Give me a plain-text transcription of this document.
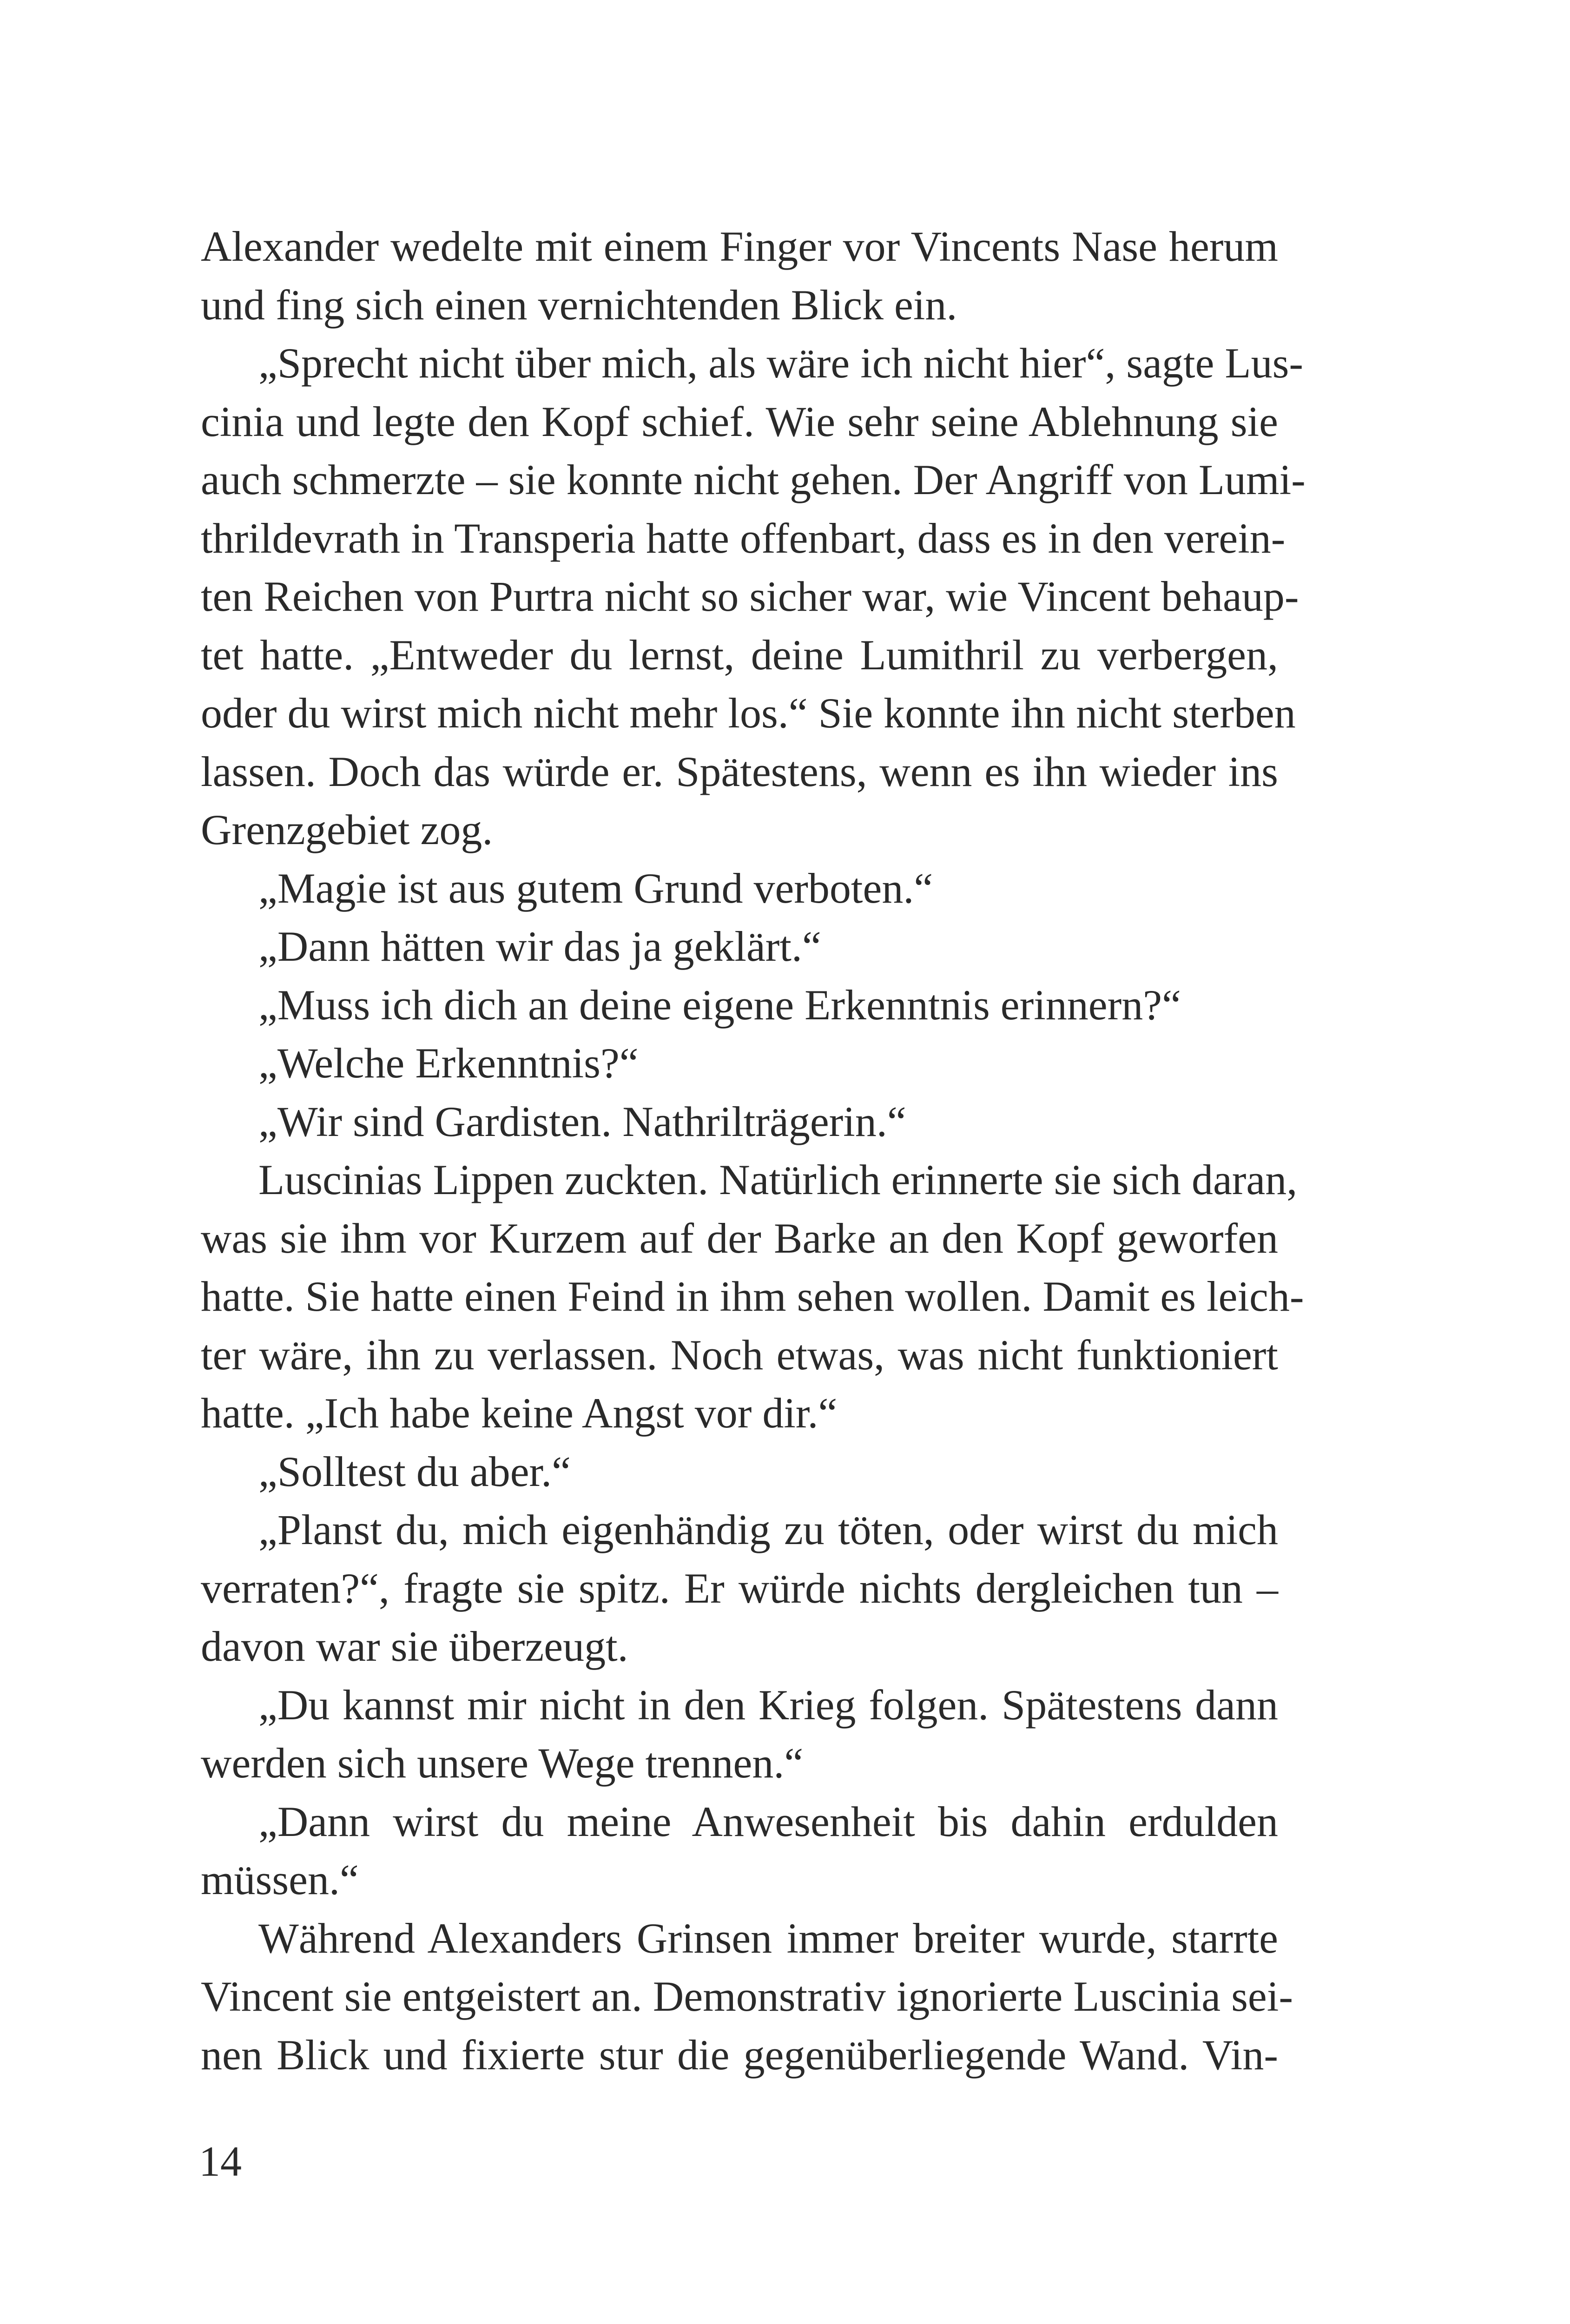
Alexander wedelte mit einem Finger vor Vincents Nase herum
und fing sich einen vernichtenden Blick ein.
„Sprecht nicht über mich, als wäre ich nicht hier“, sagte Lus-
cinia und legte den Kopf schief. Wie sehr seine Ablehnung sie
auch schmerzte – sie konnte nicht gehen. Der Angriff von Lumi-
thrildevrath in Transperia hatte offenbart, dass es in den verein-
ten Reichen von Purtra nicht so sicher war, wie Vincent behaup-
tet hatte. „Entweder du lernst, deine Lumithril zu verbergen,
oder du wirst mich nicht mehr los.“ Sie konnte ihn nicht sterben
lassen. Doch das würde er. Spätestens, wenn es ihn wieder ins
Grenzgebiet zog.
„Magie ist aus gutem Grund verboten.“
„Dann hätten wir das ja geklärt.“
„Muss ich dich an deine eigene Erkenntnis erinnern?“
„Welche Erkenntnis?“
„Wir sind Gardisten. Nathrilträgerin.“
Luscinias Lippen zuckten. Natürlich erinnerte sie sich daran,
was sie ihm vor Kurzem auf der Barke an den Kopf geworfen
hatte. Sie hatte einen Feind in ihm sehen wollen. Damit es leich-
ter wäre, ihn zu verlassen. Noch etwas, was nicht funktioniert
hatte. „Ich habe keine Angst vor dir.“
„Solltest du aber.“
„Planst du, mich eigenhändig zu töten, oder wirst du mich
verraten?“, fragte sie spitz. Er würde nichts dergleichen tun –
davon war sie überzeugt.
„Du kannst mir nicht in den Krieg folgen. Spätestens dann
werden sich unsere Wege trennen.“
„Dann wirst du meine Anwesenheit bis dahin erdulden
müssen.“
Während Alexanders Grinsen immer breiter wurde, starrte
Vincent sie entgeistert an. Demonstrativ ignorierte Luscinia sei-
nen Blick und fixierte stur die gegenüberliegende Wand. Vin-
14
